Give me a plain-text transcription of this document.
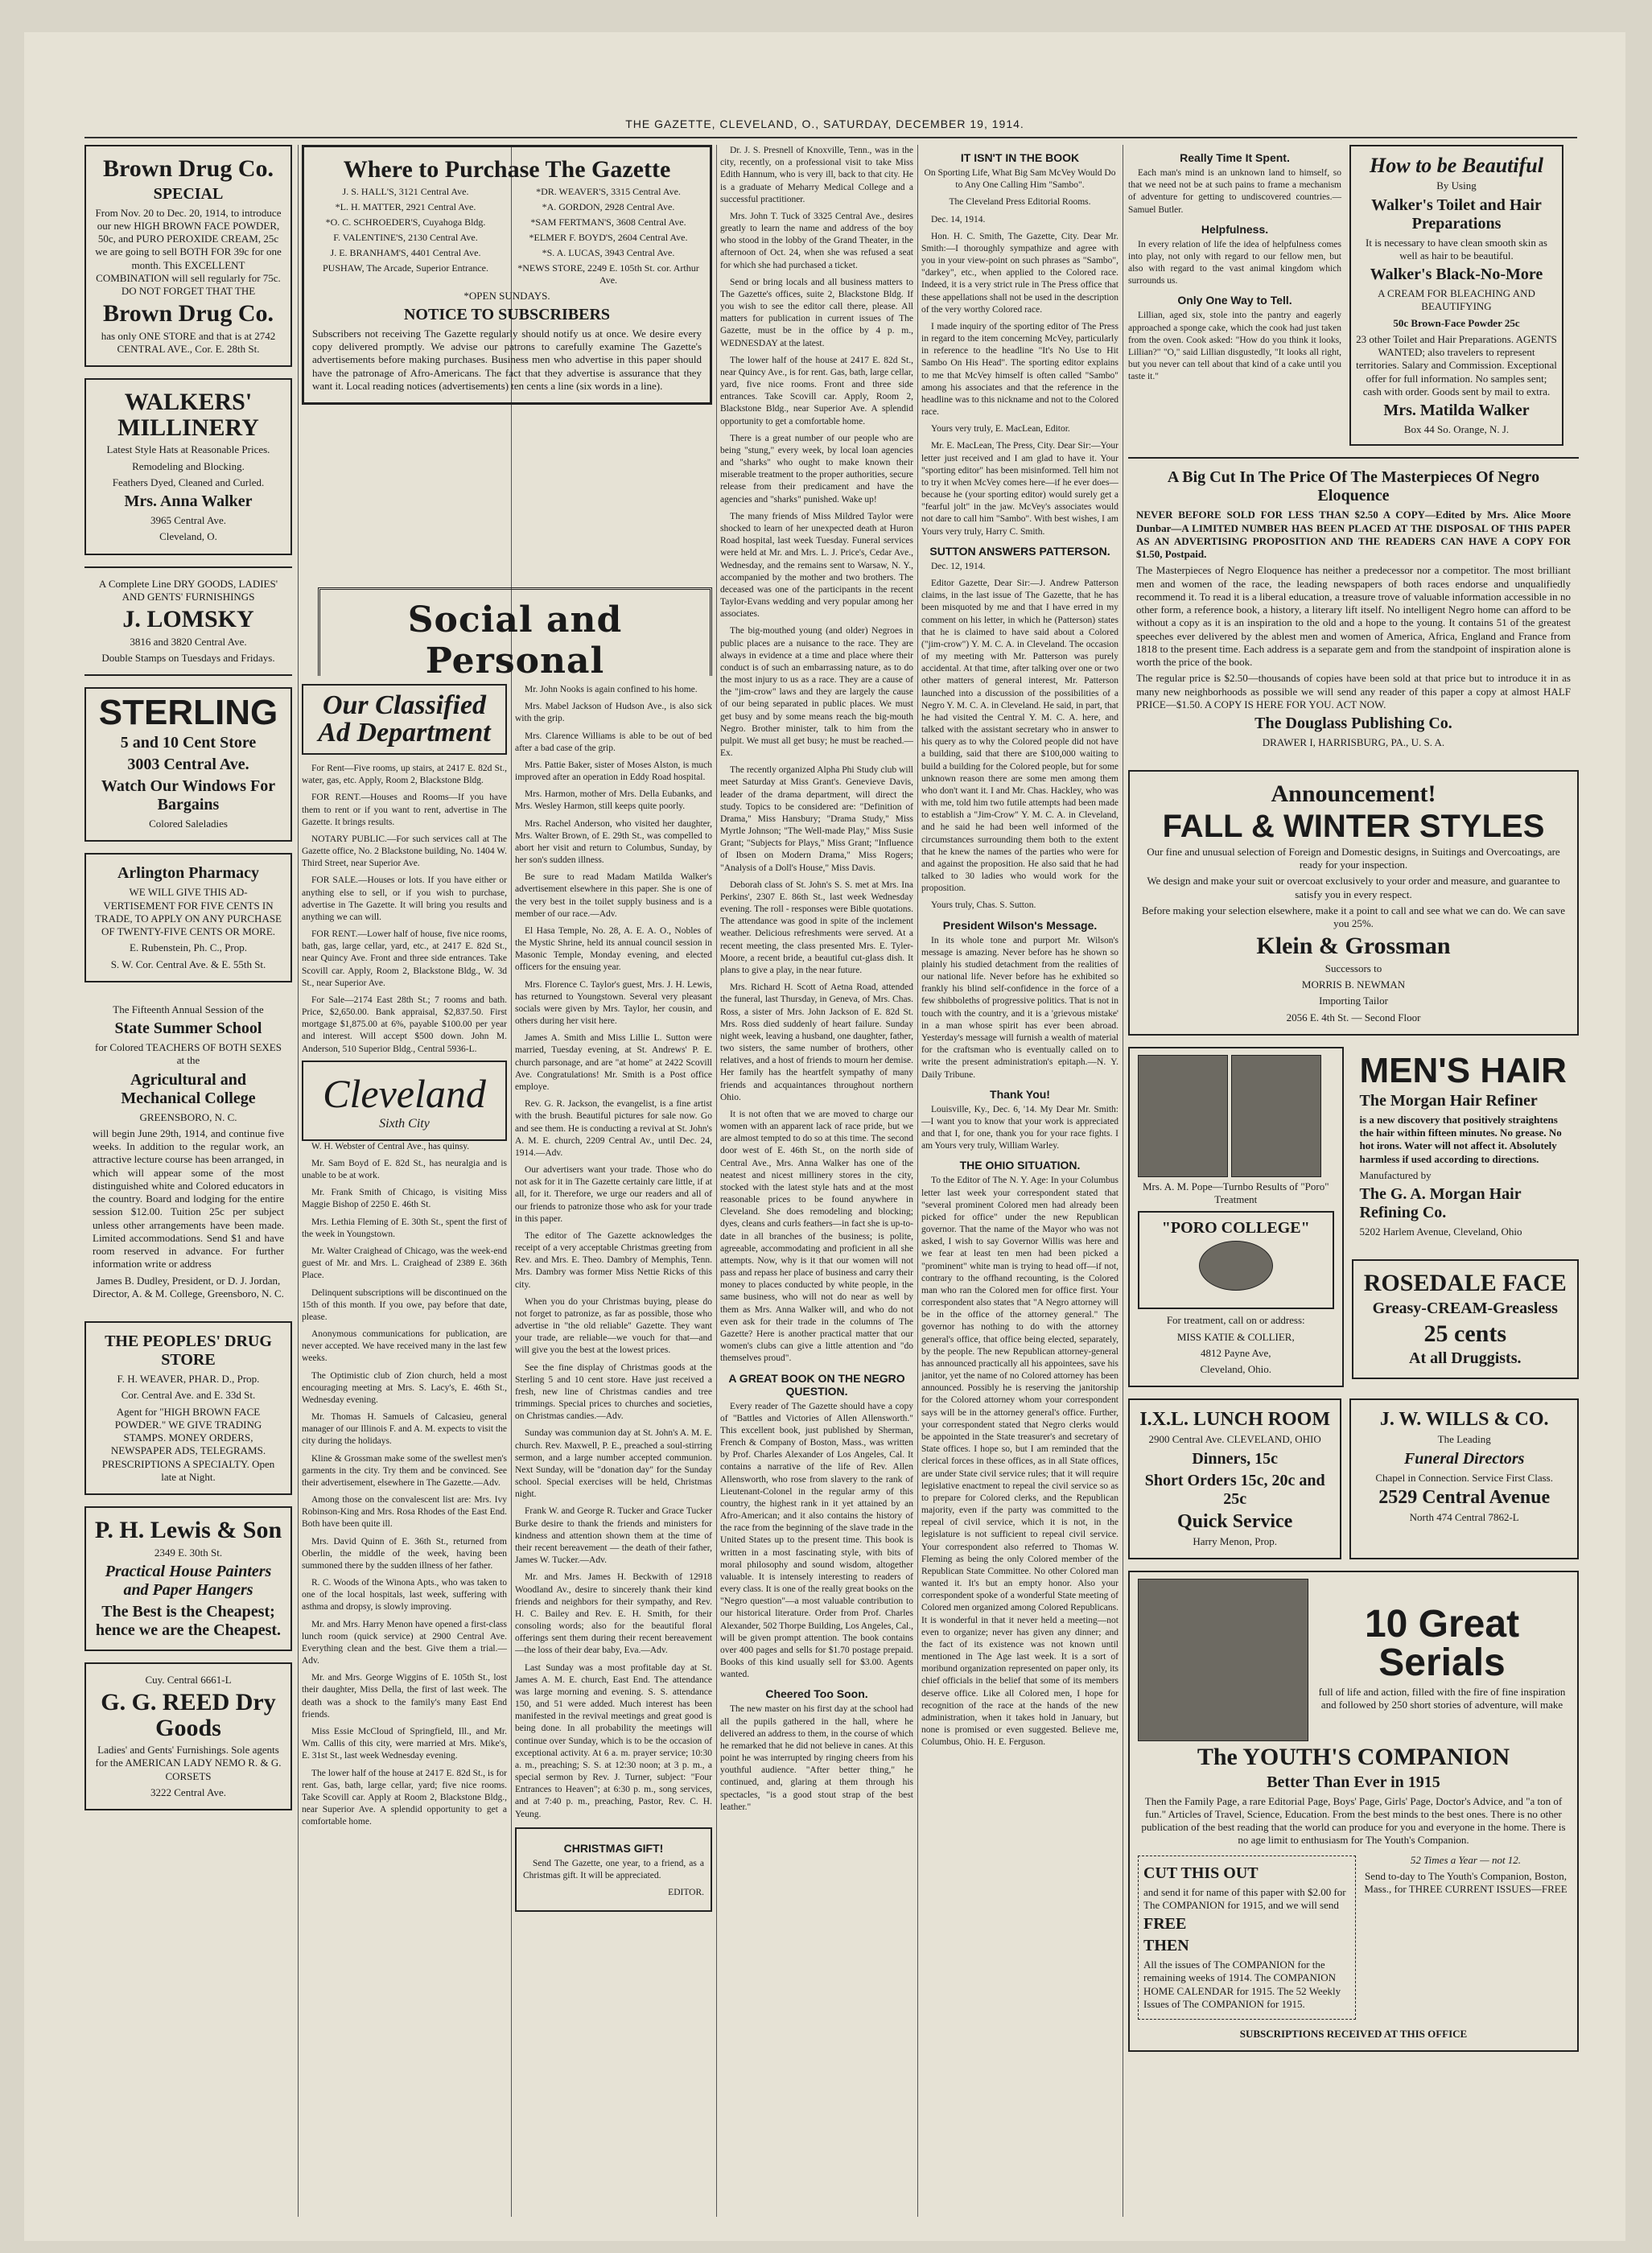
THE GAZETTE, CLEVELAND, O., SATURDAY, DECEMBER 19, 1914.
Brown Drug Co.
SPECIAL

From Nov. 20 to Dec. 20, 1914, to introduce our new HIGH BROWN FACE POWDER, 50c, and PURO PEROXIDE CREAM, 25c we are going to sell BOTH FOR 39c for one month. This EXCELLENT COMBINATION will sell regularly for 75c. DO NOT FORGET THAT THE

Brown Drug Co.

has only ONE STORE and that is at 2742 CENTRAL AVE., Cor. E. 28th St.

WALKERS' MILLINERY

Latest Style Hats at Reasonable Prices.

Remodeling and Blocking.

Feathers Dyed, Cleaned and Curled.

Mrs. Anna Walker

3965 Central Ave.

Cleveland, O.

A Complete Line DRY GOODS, LADIES' AND GENTS' FURNISHINGS

J. LOMSKY

3816 and 3820 Central Ave.

Double Stamps on Tuesdays and Fridays.

STERLING
5 and 10 Cent Store
3003 Central Ave.
Watch Our Windows For Bargains

Colored Saleladies

Arlington Pharmacy

WE WILL GIVE THIS AD- VERTISEMENT FOR FIVE CENTS IN TRADE, TO APPLY ON ANY PURCHASE OF TWENTY-FIVE CENTS OR MORE.

E. Rubenstein, Ph. C., Prop.

S. W. Cor. Central Ave. & E. 55th St.

The Fifteenth Annual Session of the

State Summer School

for Colored TEACHERS OF BOTH SEXES at the

Agricultural and Mechanical College

GREENSBORO, N. C.

will begin June 29th, 1914, and continue five weeks. In addition to the regular work, an attractive lecture course has been arranged, in which will appear some of the most distinguished white and Colored educators in the country. Board and lodging for the entire session $12.00. Tuition 25c per subject unless other arrangements have been made. Limited accommodations. Send $1 and have room reserved in advance. For further information write or address

James B. Dudley, President, or D. J. Jordan, Director, A. & M. College, Greensboro, N. C.

THE PEOPLES' DRUG STORE

F. H. WEAVER, PHAR. D., Prop.

Cor. Central Ave. and E. 33d St.

Agent for "HIGH BROWN FACE POWDER." WE GIVE TRADING STAMPS. MONEY ORDERS, NEWSPAPER ADS, TELEGRAMS. PRESCRIPTIONS A SPECIALTY. Open late at Night.

P. H. Lewis & Son

2349 E. 30th St.

Practical House Painters and Paper Hangers
The Best is the Cheapest; hence we are the Cheapest.

Cuy. Central 6661-L

G. G. REED Dry Goods

Ladies' and Gents' Furnishings. Sole agents for the AMERICAN LADY NEMO R. & G. CORSETS

3222 Central Ave.

Where to Purchase The Gazette
J. S. HALL'S, 3121 Central Ave.	*DR. WEAVER'S, 3315 Central Ave.
*L. H. MATTER, 2921 Central Ave.	*A. GORDON, 2928 Central Ave.
*O. C. SCHROEDER'S, Cuyahoga Bldg.	*SAM FERTMAN'S, 3608 Central Ave.
F. VALENTINE'S, 2130 Central Ave.	*ELMER F. BOYD'S, 2604 Central Ave.
J. E. BRANHAM'S, 4401 Central Ave.	*S. A. LUCAS, 3943 Central Ave.
PUSHAW, The Arcade, Superior Entrance.	*NEWS STORE, 2249 E. 105th St. cor. Arthur Ave.

*OPEN SUNDAYS.

NOTICE TO SUBSCRIBERS

Subscribers not receiving The Gazette regularly should notify us at once. We desire every copy delivered promptly. We advise our patrons to carefully examine The Gazette's advertisements before making purchases. Business men who advertise in this paper should have the patronage of Afro-Americans. The fact that they advertise is assurance that they want it. Local reading notices (advertisements) ten cents a line (six words in a line).

Social and Personal
Our Classified Ad Department

For Rent—Five rooms, up stairs, at 2417 E. 82d St., water, gas, etc. Apply, Room 2, Blackstone Bldg.

FOR RENT.—Houses and Rooms—If you have them to rent or if you want to rent, advertise in The Gazette. It brings results.

NOTARY PUBLIC.—For such services call at The Gazette office, No. 2 Blackstone building, No. 1404 W. Third Street, near Superior Ave.

FOR SALE.—Houses or lots. If you have either or anything else to sell, or if you wish to purchase, advertise in The Gazette. It will bring you results and anything we can will.

FOR RENT.—Lower half of house, five nice rooms, bath, gas, large cellar, yard, etc., at 2417 E. 82d St., near Quincy Ave. Front and three side entrances. Take Scovill car. Apply, Room 2, Blackstone Bldg., W. 3d St., near Superior Ave.

For Sale—2174 East 28th St.; 7 rooms and bath. Price, $2,650.00. Bank appraisal, $2,837.50. First mortgage $1,875.00 at 6%, payable $100.00 per year and interest. Will accept $500 down. John M. Anderson, 510 Superior Bldg., Central 5936-L.

Cleveland
Sixth City

W. H. Webster of Central Ave., has quinsy.

Mr. Sam Boyd of E. 82d St., has neuralgia and is unable to be at work.

Mr. Frank Smith of Chicago, is visiting Miss Maggie Bishop of 2250 E. 46th St.

Mrs. Lethia Fleming of E. 30th St., spent the first of the week in Youngstown.

Mr. Walter Craighead of Chicago, was the week-end guest of Mr. and Mrs. L. Craighead of 2389 E. 36th Place.

Delinquent subscriptions will be discontinued on the 15th of this month. If you owe, pay before that date, please.

Anonymous communications for publication, are never accepted. We have received many in the last few weeks.

The Optimistic club of Zion church, held a most encouraging meeting at Mrs. S. Lacy's, E. 46th St., Wednesday evening.

Mr. Thomas H. Samuels of Calcasieu, general manager of our Illinois F. and A. M. expects to visit the city during the holidays.

Kline & Grossman make some of the swellest men's garments in the city. Try them and be convinced. See their advertisement, elsewhere in The Gazette.—Adv.

Among those on the convalescent list are: Mrs. Ivy Robinson-King and Mrs. Rosa Rhodes of the East End. Both have been quite ill.

Mrs. David Quinn of E. 36th St., returned from Oberlin, the middle of the week, having been summoned there by the sudden illness of her father.

R. C. Woods of the Winona Apts., who was taken to one of the local hospitals, last week, suffering with asthma and dropsy, is slowly improving.

Mr. and Mrs. Harry Menon have opened a first-class lunch room (quick service) at 2900 Central Ave. Everything clean and the best. Give them a trial.—Adv.

Mr. and Mrs. George Wiggins of E. 105th St., lost their daughter, Miss Della, the first of last week. The death was a shock to the family's many East End friends.

Miss Essie McCloud of Springfield, Ill., and Mr. Wm. Callis of this city, were married at Mrs. Mike's, E. 31st St., last week Wednesday evening.

The lower half of the house at 2417 E. 82d St., is for rent. Gas, bath, large cellar, yard; five nice rooms. Take Scovill car. Apply at Room 2, Blackstone Bldg., near Superior Ave. A splendid opportunity to get a comfortable home.

Mr. John Nooks is again confined to his home.

Mrs. Mabel Jackson of Hudson Ave., is also sick with the grip.

Mrs. Clarence Williams is able to be out of bed after a bad case of the grip.

Mrs. Pattie Baker, sister of Moses Alston, is much improved after an operation in Eddy Road hospital.

Mrs. Harmon, mother of Mrs. Della Eubanks, and Mrs. Wesley Harmon, still keeps quite poorly.

Mrs. Rachel Anderson, who visited her daughter, Mrs. Walter Brown, of E. 29th St., was compelled to abort her visit and return to Columbus, Sunday, by her son's sudden illness.

Be sure to read Madam Matilda Walker's advertisement elsewhere in this paper. She is one of the very best in the toilet supply business and is a member of our race.—Adv.

El Hasa Temple, No. 28, A. E. A. O., Nobles of the Mystic Shrine, held its annual council session in Masonic Temple, Monday evening, and elected officers for the ensuing year.

Mrs. Florence C. Taylor's guest, Mrs. J. H. Lewis, has returned to Youngstown. Several very pleasant socials were given by Mrs. Taylor, her cousin, and others during her visit here.

James A. Smith and Miss Lillie L. Sutton were married, Tuesday evening, at St. Andrews' P. E. church parsonage, and are "at home" at 2422 Scovill Ave. Congratulations! Mr. Smith is a Post office employe.

Rev. G. R. Jackson, the evangelist, is a fine artist with the brush. Beautiful pictures for sale now. Go and see them. He is conducting a revival at St. John's A. M. E. church, 2209 Central Av., until Dec. 24, 1914.—Adv.

Our advertisers want your trade. Those who do not ask for it in The Gazette certainly care little, if at all, for it. Therefore, we urge our readers and all of our friends to patronize those who ask for your trade in this paper.

The editor of The Gazette acknowledges the receipt of a very acceptable Christmas greeting from Rev. and Mrs. E. Theo. Dambry of Memphis, Tenn. Mrs. Dambry was former Miss Nettie Ricks of this city.

When you do your Christmas buying, please do not forget to patronize, as far as possible, those who advertise in "the old reliable" Gazette. They want your trade, are reliable—we vouch for that—and will give you the best at the lowest prices.

See the fine display of Christmas goods at the Sterling 5 and 10 cent store. Have just received a fresh, new line of Christmas candies and tree trimmings. Special prices to churches and societies, on Christmas candies.—Adv.

Sunday was communion day at St. John's A. M. E. church. Rev. Maxwell, P. E., preached a soul-stirring sermon, and a large number accepted communion. Next Sunday, will be "donation day" for the Sunday school. Special exercises will be held, Christmas night.

Frank W. and George R. Tucker and Grace Tucker Burke desire to thank the friends and ministers for kindness and attention shown them at the time of their recent bereavement — the death of their father, James W. Tucker.—Adv.

Mr. and Mrs. James H. Beckwith of 12918 Woodland Av., desire to sincerely thank their kind friends and neighbors for their sympathy, and Rev. H. C. Bailey and Rev. E. H. Smith, for their consoling words; also for the beautiful floral offerings sent them during their recent bereavement—the loss of their dear baby, Eva.—Adv.

Last Sunday was a most profitable day at St. James A. M. E. church, East End. The attendance was large morning and evening. S. S. attendance 150, and 51 were added. Much interest has been manifested in the revival meetings and great good is being done. In all probability the meetings will continue over Sunday, which is to be the occasion of exceptional activity. At 6 a. m. prayer service; 10:30 a. m., preaching; S. S. at 12:30 noon; at 3 p. m., a special sermon by Rev. J. Turner, subject: "Four Entrances to Heaven"; at 6:30 p. m., song services, and at 7:40 p. m., preaching, Pastor, Rev. C. H. Yeung.

CHRISTMAS GIFT!

Send The Gazette, one year, to a friend, as a Christmas gift. It will be appreciated.

EDITOR.

Dr. J. S. Presnell of Knoxville, Tenn., was in the city, recently, on a professional visit to take Miss Edith Hannum, who is very ill, back to that city. He is a graduate of Meharry Medical College and a successful practitioner.

Mrs. John T. Tuck of 3325 Central Ave., desires greatly to learn the name and address of the boy who stood in the lobby of the Grand Theater, in the afternoon of Oct. 24, when she was refused a seat for which she had purchased a ticket.

Send or bring locals and all business matters to The Gazette's offices, suite 2, Blackstone Bldg. If you wish to see the editor call there, please. All matters for publication in current issues of The Gazette, must be in the office by 4 p. m., WEDNESDAY at the latest.

The lower half of the house at 2417 E. 82d St., near Quincy Ave., is for rent. Gas, bath, large cellar, yard, five nice rooms. Front and three side entrances. Take Scovill car. Apply, Room 2, Blackstone Bldg., near Superior Ave. A splendid opportunity to get a comfortable home.

There is a great number of our people who are being "stung," every week, by local loan agencies and "sharks" who ought to make known their miserable treatment to the proper authorities, secure release from their predicament and have the agencies and "sharks" punished. Wake up!

The many friends of Miss Mildred Taylor were shocked to learn of her unexpected death at Huron Road hospital, last week Tuesday. Funeral services were held at Mr. and Mrs. L. J. Price's, Cedar Ave., Wednesday, and the remains sent to Warsaw, N. Y., accompanied by the mother and two brothers. The deceased was one of the participants in the recent Taylor-Evans wedding and very popular among her associates.

The big-mouthed young (and older) Negroes in public places are a nuisance to the race. They are always in evidence at a time and place where their conduct is of such an embarrassing nature, as to do the most injury to us as a race. They are a cause of the "jim-crow" laws and they are largely the cause of our being separated in public places. We must get busy and by some means reach the big-mouth Negro. Brother minister, talk to him from the pulpit. We must all get busy; he must be reached.—Ex.

The recently organized Alpha Phi Study club will meet Saturday at Miss Grant's. Genevieve Davis, leader of the drama department, will direct the study. Topics to be considered are: "Definition of Drama," Miss Hansbury; "Drama Study," Miss Myrtle Johnson; "The Well-made Play," Miss Susie Grant; "Subjects for Plays," Miss Grant; "Influence of Ibsen on Modern Drama," Miss Rogers; "Analysis of a Doll's House," Miss Davis.

Deborah class of St. John's S. S. met at Mrs. Ina Perkins', 2307 E. 86th St., last week Wednesday evening. The roll - responses were Bible quotations. The attendance was good in spite of the inclement weather. Delicious refreshments were served. At a recent meeting, the class presented Mrs. E. Tyler-Moore, a recent bride, a beautiful cut-glass dish. It plans to give a play, in the near future.

Mrs. Richard H. Scott of Aetna Road, attended the funeral, last Thursday, in Geneva, of Mrs. Chas. Ross, a sister of Mrs. John Jackson of E. 82d St. Mrs. Ross died suddenly of heart failure. Sunday night week, leaving a husband, one daughter, father, two sisters, the same number of brothers, other relatives, and a host of friends to mourn her demise. Her family has the heartfelt sympathy of many friends and acquaintances throughout northern Ohio.

It is not often that we are moved to charge our women with an apparent lack of race pride, but we are almost tempted to do so at this time. The second door west of E. 46th St., on the north side of Central Ave., Mrs. Anna Walker has one of the neatest and nicest millinery stores in the city, stocked with the latest style hats and at the most reasonable prices to be found anywhere in Cleveland. She does remodeling and blocking; dyes, cleans and curls feathers—in fact she is up-to-date in all branches of the business; is polite, agreeable, accommodating and proficient in all she attempts. Now, why is it that our women will not pass and repass her place of business and carry their money to places conducted by white people, in the same business, who will not do near as well by them as Mrs. Anna Walker will, and who do not even ask for their trade in the columns of The Gazette? Here is another practical matter that our women's clubs can give a little attention and "do themselves proud".

A GREAT BOOK ON THE NEGRO QUESTION.

Every reader of The Gazette should have a copy of "Battles and Victories of Allen Allensworth." This excellent book, just published by Sherman, French & Company of Boston, Mass., was written by Prof. Charles Alexander of Los Angeles, Cal. It contains a narrative of the life of Rev. Allen Allensworth, who rose from slavery to the rank of Lieutenant-Colonel in the regular army of this country, the highest rank in it yet attained by an Afro-American; and it also contains the history of the race from the beginning of the slave trade in the United States up to the present time. This book is written in a most fascinating style, with bits of moral philosophy and sound wisdom, altogether valuable. It is intensely interesting to readers of every class. It is one of the really great books on the "Negro question"—a most valuable contribution to our historical literature. Order from Prof. Charles Alexander, 502 Thorpe Building, Los Angeles, Cal., will be given prompt attention. The book contains over 400 pages and sells for $1.70 postage prepaid. Books of this kind usually sell for $3.00. Agents wanted.

Cheered Too Soon.

The new master on his first day at the school had all the pupils gathered in the hall, where he delivered an address to them, in the course of which he remarked that he did not believe in canes. At this point he was interrupted by ringing cheers from his youthful audience. "After better thing," he continued, and, glaring at them through his spectacles, "is a good stout strap of the best leather."

IT ISN'T IN THE BOOK

On Sporting Life, What Big Sam McVey Would Do to Any One Calling Him "Sambo".

The Cleveland Press Editorial Rooms.

Dec. 14, 1914.

Hon. H. C. Smith, The Gazette, City. Dear Mr. Smith:—I thoroughly sympathize and agree with you in your view-point on such phrases as "Sambo", "darkey", etc., when applied to the Colored race. Indeed, it is a very strict rule in The Press office that these appellations shall not be used in the description of the very worthy Colored race.

I made inquiry of the sporting editor of The Press in regard to the item concerning McVey, particularly in reference to the headline "It's No Use to Hit Sambo On His Head". The sporting editor explains to me that McVey himself is often called "Sambo" among his associates and that the reference in the headline was to this nickname and not to the Colored race.

Yours very truly, E. MacLean, Editor.

Mr. E. MacLean, The Press, City. Dear Sir:—Your letter just received and I am glad to have it. Your "sporting editor" has been misinformed. Tell him not to try it when McVey comes here—if he ever does—because he (your sporting editor) would surely get a "fearful jolt" in the jaw. McVey's associates would not dare to call him "Sambo". With best wishes, I am Yours very truly, Harry C. Smith.

SUTTON ANSWERS PATTERSON.

Dec. 12, 1914.

Editor Gazette, Dear Sir:—J. Andrew Patterson claims, in the last issue of The Gazette, that he has been misquoted by me and that I have erred in my comment on his letter, in which he (Patterson) states that he is claimed to have said about a Colored ("jim-crow") Y. M. C. A. in Cleveland. The occasion of my meeting with Mr. Patterson was purely accidental. At that time, after talking over one or two other matters of general interest, Mr. Patterson launched into a discussion of the possibilities of a Negro Y. M. C. A. in Cleveland. He said, in part, that he had visited the Central Y. M. C. A. here, and talked with the assistant secretary who in answer to his query as to why the Colored people did not have a building, said that there are $100,000 waiting to build a building for the Colored people, but for some unknown reason there are some men among them who don't want it. I and Mr. Chas. Hackley, who was with me, told him two futile attempts had been made to establish a "Jim-Crow" Y. M. C. A. in Cleveland, and he said he had been well informed of the circumstances surrounding them both to the extent that he knew the names of the parties who were for and against the proposition. He also said that he had talked to 30 ladies who would work for the proposition.

Yours truly, Chas. S. Sutton.

President Wilson's Message.

In its whole tone and purport Mr. Wilson's message is amazing. Never before has he shown so plainly his studied detachment from the realities of our national life. Never before has he exhibited so frankly his blind self-confidence in the force of a few shibboleths of progressive politics. That is not in touch with the country, and it is a 'grievous mistake' in a man whose spirit has ever been abroad. Yesterday's message will furnish a wealth of material for the craftsman who is eventually called on to write the present administration's epitaph.—N. Y. Daily Tribune.

Thank You!

Louisville, Ky., Dec. 6, '14. My Dear Mr. Smith:—I want you to know that your work is appreciated and that I, for one, thank you for your race fights. I am Yours very truly, William Warley.

THE OHIO SITUATION.

To the Editor of The N. Y. Age: In your Columbus letter last week your correspondent stated that "several prominent Colored men had already been picked for office" under the new Republican governor. That the name of the Mayor who was not asked, I wish to say Governor Willis was here and we fear at least ten men had been picked a "prominent" white man is trying to head off—if not, contrary to the offhand recounting, is the Colored man who ran the Colored men for office first. Your correspondent also states that "A Negro attorney will be in the office of the attorney general." The governor has nothing to do with the attorney general's office, that office being elected, separately, by the people. The new Republican attorney-general has announced practically all his appointees, save his janitor, yet the name of no Colored attorney has been announced. Possibly he is reserving the janitorship for the Colored attorney whom your correspondent says will be in the attorney general's office. Further, your correspondent stated that Negro clerks would be appointed in the State treasurer's and secretary of State offices. I hope so, but I am reminded that the clerical forces in these offices, as in all State offices, are under State civil service rules; that it will require legislative enactment to repeal the civil service so as to prepare for Colored clerks, and the Republican majority, even if the party was committed to the repeal of civil service, which it is not, in the legislature is not sufficient to repeal civil service. Your correspondent also referred to Thomas W. Fleming as being the only Colored member of the Republican State Committee. No other Colored man wanted it. It's but an empty honor. Also your correspondent spoke of a wonderful State meeting of Colored men organized among Colored Republicans. It is wonderful in that it never held a meeting—not even to organize; never has given any dinner; and the fact of its existence was not known until mentioned in The Age last week. It is a sort of moribund organization represented on paper only, its chief officials in the belief that some of its members deserve office. Like all Colored men, I hope for recognition of the race at the hands of the new administration, when it takes hold in January, but none is promised or even suggested. Believe me, Columbus, Ohio. H. E. Ferguson.

Really Time It Spent.

Each man's mind is an unknown land to himself, so that we need not be at such pains to frame a mechanism of adventure for getting to undiscovered countries.—Samuel Butler.

Helpfulness.

In every relation of life the idea of helpfulness comes into play, not only with regard to our fellow men, but also with regard to the vast animal kingdom which surrounds us.

Only One Way to Tell.

Lillian, aged six, stole into the pantry and eagerly approached a sponge cake, which the cook had just taken from the oven. Cook asked: "How do you think it looks, Lillian?" "O," said Lillian disgustedly, "It looks all right, but you never can tell about that kind of a cake until you taste it."

How to be Beautiful

By Using

Walker's Toilet and Hair Preparations

It is necessary to have clean smooth skin as well as hair to be beautiful.

Walker's Black-No-More

A CREAM FOR BLEACHING AND BEAUTIFYING

50c Brown-Face Powder 25c

23 other Toilet and Hair Preparations. AGENTS WANTED; also travelers to represent territories. Salary and Commission. Exceptional offer for full information. No samples sent; cash with order. Goods sent by mail to extra.

Mrs. Matilda Walker

Box 44 So. Orange, N. J.

A Big Cut In The Price Of The Masterpieces Of Negro Eloquence

NEVER BEFORE SOLD FOR LESS THAN $2.50 A COPY—Edited by Mrs. Alice Moore Dunbar—A LIMITED NUMBER HAS BEEN PLACED AT THE DISPOSAL OF THIS PAPER AS AN ADVERTISING PROPOSITION AND THE READERS CAN HAVE A COPY FOR $1.50, Postpaid.

The Masterpieces of Negro Eloquence has neither a predecessor nor a competitor. The most brilliant men and women of the race, the leading newspapers of both races endorse and unqualifiedly recommend it. To read it is a liberal education, a treasure trove of valuable information accessible in no other form, a reference book, a history, a literary lift itself. No intelligent Negro home can afford to be without a copy as it is an inspiration to the old and a hope to the young. It contains 51 of the greatest speeches ever delivered by the ablest men and women of America, Africa, England and France from 1818 to the present time. Each address is a separate gem and from the standpoint of inspiration alone is worth the price of the book.

The regular price is $2.50—thousands of copies have been sold at that price but to introduce it in as many new neighborhoods as possible we will send any reader of this paper a copy at almost HALF PRICE—$1.50. A COPY IS HERE FOR YOU. ACT NOW.

The Douglass Publishing Co.

DRAWER I, HARRISBURG, PA., U. S. A.

Announcement!
FALL & WINTER STYLES

Our fine and unusual selection of Foreign and Domestic designs, in Suitings and Overcoatings, are ready for your inspection.

We design and make your suit or overcoat exclusively to your order and measure, and guarantee to satisfy you in every respect.

Before making your selection elsewhere, make it a point to call and see what we can do. We can save you 25%.

Klein & Grossman

Successors to

MORRIS B. NEWMAN

Importing Tailor

2056 E. 4th St. — Second Floor

Mrs. A. M. Pope—Turnbo Results of "Poro" Treatment

"PORO COLLEGE"

For treatment, call on or address:

MISS KATIE & COLLIER,

4812 Payne Ave,

Cleveland, Ohio.

MEN'S HAIR
The Morgan Hair Refiner

is a new discovery that positively straightens the hair within fifteen minutes. No grease. No hot irons. Water will not affect it. Absolutely harmless if used according to directions.

Manufactured by

The G. A. Morgan Hair Refining Co.

5202 Harlem Avenue, Cleveland, Ohio

ROSEDALE FACE
Greasy-CREAM-Greasless
25 cents
At all Druggists.
I.X.L. LUNCH ROOM

2900 Central Ave. CLEVELAND, OHIO

Dinners, 15c
Short Orders 15c, 20c and 25c
Quick Service

Harry Menon, Prop.

J. W. WILLS & CO.

The Leading

Funeral Directors

Chapel in Connection. Service First Class.

2529 Central Avenue

North 474 Central 7862-L

10 Great Serials

full of life and action, filled with the fire of fine inspiration and followed by 250 short stories of adventure, will make

The YOUTH'S COMPANION
Better Than Ever in 1915

Then the Family Page, a rare Editorial Page, Boys' Page, Girls' Page, Doctor's Advice, and "a ton of fun." Articles of Travel, Science, Education. From the best minds to the best ones. There is no other publication of the best reading that the world can produce for you and everyone in the home. There is no age limit to enthusiasm for The Youth's Companion.

CUT THIS OUT

and send it for name of this paper with $2.00 for The COMPANION for 1915, and we will send

FREE
THEN

All the issues of The COMPANION for the remaining weeks of 1914. The COMPANION HOME CALENDAR for 1915. The 52 Weekly Issues of The COMPANION for 1915.

52 Times a Year — not 12.

Send to-day to The Youth's Companion, Boston, Mass., for THREE CURRENT ISSUES—FREE

SUBSCRIPTIONS RECEIVED AT THIS OFFICE
